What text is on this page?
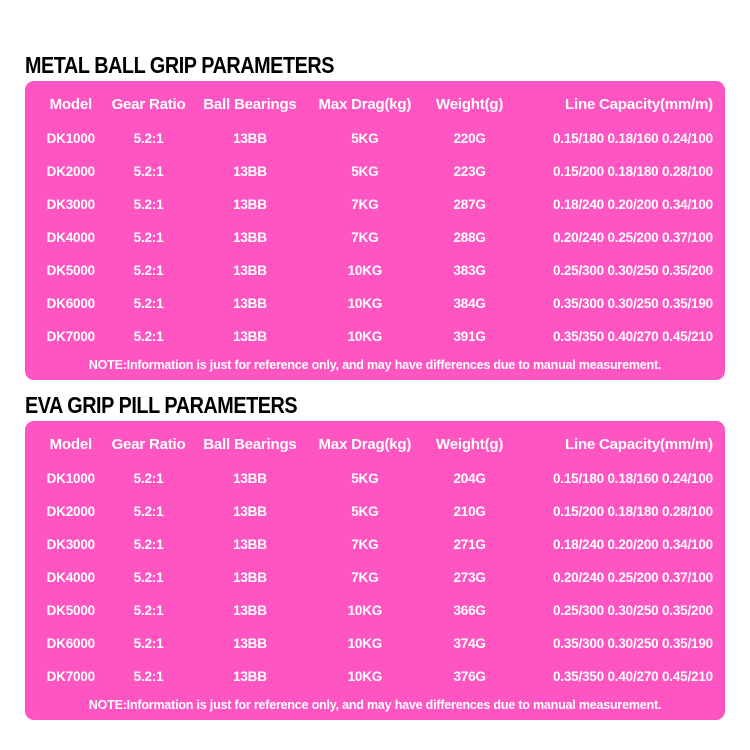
METAL BALL GRIP PARAMETERS
Model	Gear Ratio	Ball Bearings	Max Drag(kg)	Weight(g)	Line Capacity(mm/m)
DK1000	5.2:1	13BB	5KG	220G	0.15/180 0.18/160 0.24/100
DK2000	5.2:1	13BB	5KG	223G	0.15/200 0.18/180 0.28/100
DK3000	5.2:1	13BB	7KG	287G	0.18/240 0.20/200 0.34/100
DK4000	5.2:1	13BB	7KG	288G	0.20/240 0.25/200 0.37/100
DK5000	5.2:1	13BB	10KG	383G	0.25/300 0.30/250 0.35/200
DK6000	5.2:1	13BB	10KG	384G	0.35/300 0.30/250 0.35/190
DK7000	5.2:1	13BB	10KG	391G	0.35/350 0.40/270 0.45/210
NOTE:Information is just for reference only, and may have differences due to manual measurement.
EVA GRIP PILL PARAMETERS
Model	Gear Ratio	Ball Bearings	Max Drag(kg)	Weight(g)	Line Capacity(mm/m)
DK1000	5.2:1	13BB	5KG	204G	0.15/180 0.18/160 0.24/100
DK2000	5.2:1	13BB	5KG	210G	0.15/200 0.18/180 0.28/100
DK3000	5.2:1	13BB	7KG	271G	0.18/240 0.20/200 0.34/100
DK4000	5.2:1	13BB	7KG	273G	0.20/240 0.25/200 0.37/100
DK5000	5.2:1	13BB	10KG	366G	0.25/300 0.30/250 0.35/200
DK6000	5.2:1	13BB	10KG	374G	0.35/300 0.30/250 0.35/190
DK7000	5.2:1	13BB	10KG	376G	0.35/350 0.40/270 0.45/210
NOTE:Information is just for reference only, and may have differences due to manual measurement.
